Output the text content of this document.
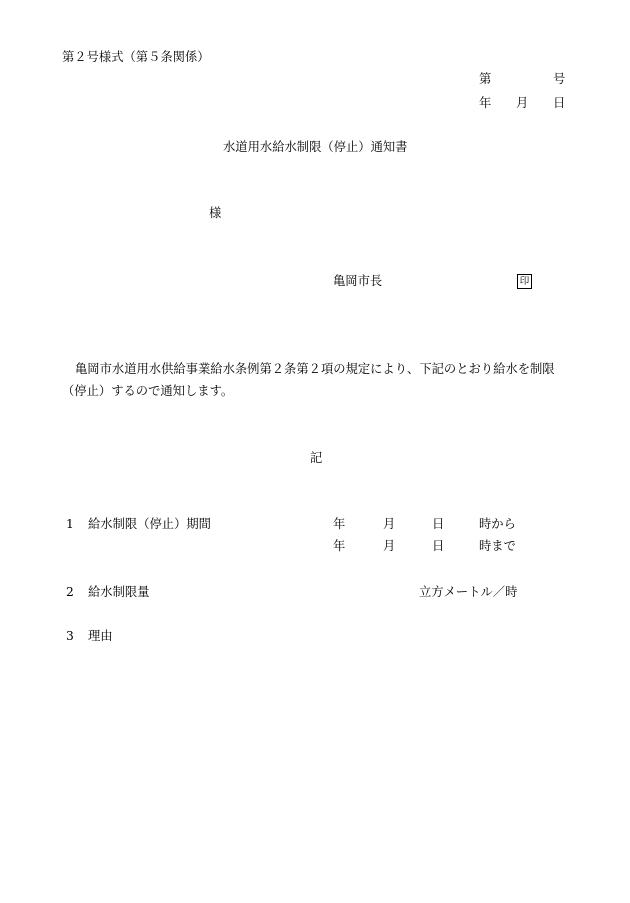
第２号様式（第５条関係）
第	号
年 月 日
水道用水給水制限（停止）通知書
様
亀岡市長	印
亀岡市水道用水供給事業給水条例第２条第２項の規定により、下記のとおり給水を制限
（停止）するので通知します。
記
1 給水制限（停止）期間	年	月	日	時から
年	月	日	時まで
2 給水制限量	立方メートル／時
3 理由
